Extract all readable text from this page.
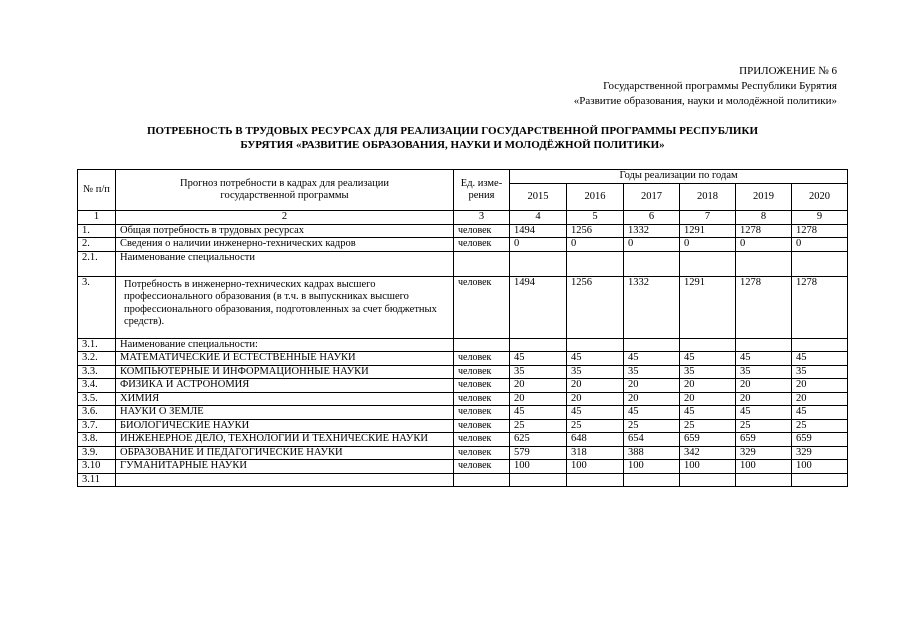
ПРИЛОЖЕНИЕ № 6
Государственной программы Республики Бурятия
«Развитие образования, науки и молодёжной политики»
ПОТРЕБНОСТЬ В ТРУДОВЫХ РЕСУРСАХ ДЛЯ РЕАЛИЗАЦИИ ГОСУДАРСТВЕННОЙ ПРОГРАММЫ РЕСПУБЛИКИ
БУРЯТИЯ «РАЗВИТИЕ ОБРАЗОВАНИЯ, НАУКИ И МОЛОДЁЖНОЙ ПОЛИТИКИ»
№ п/п	Прогноз потребности в кадрах для реализации государственной программы	Ед. изме-рения	Годы реализации по годам					
			2015	2016	2017	2018	2019	2020
1	2	3	4	5	6	7	8	9
1.	Общая потребность в трудовых ресурсах	человек	1494	1256	1332	1291	1278	1278
2.	Сведения о наличии инженерно-технических кадров	человек	0	0	0	0	0	0
2.1.	Наименование специальности							
3.	Потребность в инженерно-технических кадрах высшего профессионального образования (в т.ч. в выпускниках высшего профессионального образования, подготовленных за счет бюджетных средств).	человек	1494	1256	1332	1291	1278	1278
3.1.	Наименование специальности:							
3.2.	МАТЕМАТИЧЕСКИЕ И ЕСТЕСТВЕННЫЕ НАУКИ	человек	45	45	45	45	45	45
3.3.	КОМПЬЮТЕРНЫЕ И ИНФОРМАЦИОННЫЕ НАУКИ	человек	35	35	35	35	35	35
3.4.	ФИЗИКА И АСТРОНОМИЯ	человек	20	20	20	20	20	20
3.5.	ХИМИЯ	человек	20	20	20	20	20	20
3.6.	НАУКИ О ЗЕМЛЕ	человек	45	45	45	45	45	45
3.7.	БИОЛОГИЧЕСКИЕ НАУКИ	человек	25	25	25	25	25	25
3.8.	ИНЖЕНЕРНОЕ ДЕЛО, ТЕХНОЛОГИИ И ТЕХНИЧЕСКИЕ НАУКИ	человек	625	648	654	659	659	659
3.9.	ОБРАЗОВАНИЕ И ПЕДАГОГИЧЕСКИЕ НАУКИ	человек	579	318	388	342	329	329
3.10	ГУМАНИТАРНЫЕ НАУКИ	человек	100	100	100	100	100	100
3.11								
